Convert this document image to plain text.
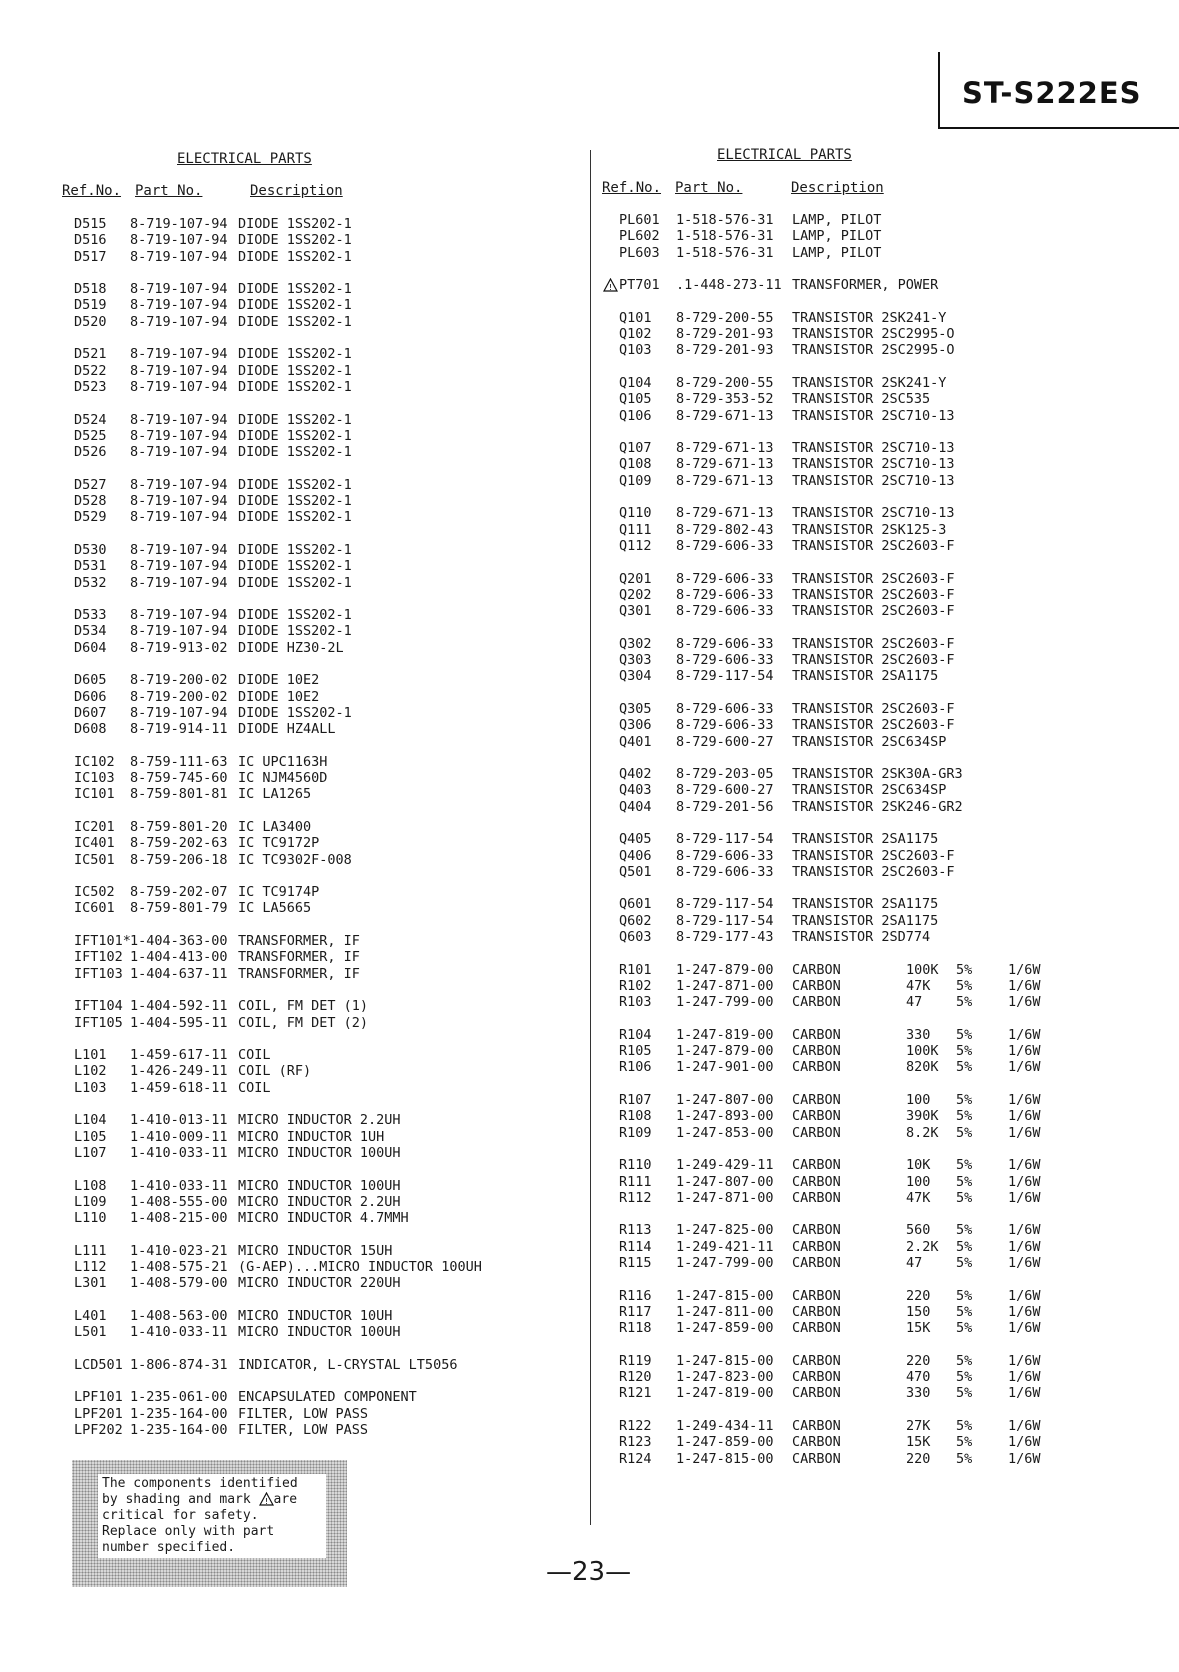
ST-S222ES
ELECTRICAL PARTS
Ref.No. Part No.	Description
D515 8-719-107-94 DIODE 1SS202-1
D516 8-719-107-94 DIODE 1SS202-1
D517 8-719-107-94 DIODE 1SS202-1
D518 8-719-107-94 DIODE 1SS202-1
D519 8-719-107-94 DIODE 1SS202-1
D520 8-719-107-94 DIODE 1SS202-1
D521 8-719-107-94 DIODE 1SS202-1
D522 8-719-107-94 DIODE 1SS202-1
D523 8-719-107-94 DIODE 1SS202-1
D524 8-719-107-94 DIODE 1SS202-1
D525 8-719-107-94 DIODE 1SS202-1
D526 8-719-107-94 DIODE 1SS202-1
D527 8-719-107-94 DIODE 1SS202-1
D528 8-719-107-94 DIODE 1SS202-1
D529 8-719-107-94 DIODE 1SS202-1
D530 8-719-107-94 DIODE 1SS202-1
D531 8-719-107-94 DIODE 1SS202-1
D532 8-719-107-94 DIODE 1SS202-1
D533 8-719-107-94 DIODE 1SS202-1
D534 8-719-107-94 DIODE 1SS202-1
D604 8-719-913-02 DIODE HZ30-2L
D605 8-719-200-02 DIODE 10E2
D606 8-719-200-02 DIODE 10E2
D607 8-719-107-94 DIODE 1SS202-1
D608 8-719-914-11 DIODE HZ4ALL
IC102 8-759-111-63 IC UPC1163H
IC103 8-759-745-60 IC NJM4560D
IC101 8-759-801-81 IC LA1265
IC201 8-759-801-20 IC LA3400
IC401 8-759-202-63 IC TC9172P
IC501 8-759-206-18 IC TC9302F-008
IC502 8-759-202-07 IC TC9174P
IC601 8-759-801-79 IC LA5665
IFT101* 1-404-363-00 TRANSFORMER, IF
IFT102 1-404-413-00 TRANSFORMER, IF
IFT103 1-404-637-11 TRANSFORMER, IF
IFT104 1-404-592-11 COIL, FM DET (1)
IFT105 1-404-595-11 COIL, FM DET (2)
L101 1-459-617-11 COIL
L102 1-426-249-11 COIL (RF)
L103 1-459-618-11 COIL
L104 1-410-013-11 MICRO INDUCTOR 2.2UH
L105 1-410-009-11 MICRO INDUCTOR 1UH
L107 1-410-033-11 MICRO INDUCTOR 100UH
L108 1-410-033-11 MICRO INDUCTOR 100UH
L109 1-408-555-00 MICRO INDUCTOR 2.2UH
L110 1-408-215-00 MICRO INDUCTOR 4.7MMH
L111 1-410-023-21 MICRO INDUCTOR 15UH
L112 1-408-575-21 (G-AEP)...MICRO INDUCTOR 100UH
L301 1-408-579-00 MICRO INDUCTOR 220UH
L401 1-408-563-00 MICRO INDUCTOR 10UH
L501 1-410-033-11 MICRO INDUCTOR 100UH
LCD501 1-806-874-31 INDICATOR, L-CRYSTAL LT5056
LPF101 1-235-061-00 ENCAPSULATED COMPONENT
LPF201 1-235-164-00 FILTER, LOW PASS
LPF202 1-235-164-00 FILTER, LOW PASS
ELECTRICAL PARTS
Ref.No. Part No.	Description
PL601 1-518-576-31 LAMP, PILOT
PL602 1-518-576-31 LAMP, PILOT
PL603 1-518-576-31 LAMP, PILOT
! PT701 .1-448-273-11 TRANSFORMER, POWER
Q101 8-729-200-55 TRANSISTOR 2SK241-Y
Q102 8-729-201-93 TRANSISTOR 2SC2995-O
Q103 8-729-201-93 TRANSISTOR 2SC2995-O
Q104 8-729-200-55 TRANSISTOR 2SK241-Y
Q105 8-729-353-52 TRANSISTOR 2SC535
Q106 8-729-671-13 TRANSISTOR 2SC710-13
Q107 8-729-671-13 TRANSISTOR 2SC710-13
Q108 8-729-671-13 TRANSISTOR 2SC710-13
Q109 8-729-671-13 TRANSISTOR 2SC710-13
Q110 8-729-671-13 TRANSISTOR 2SC710-13
Q111 8-729-802-43 TRANSISTOR 2SK125-3
Q112 8-729-606-33 TRANSISTOR 2SC2603-F
Q201 8-729-606-33 TRANSISTOR 2SC2603-F
Q202 8-729-606-33 TRANSISTOR 2SC2603-F
Q301 8-729-606-33 TRANSISTOR 2SC2603-F
Q302 8-729-606-33 TRANSISTOR 2SC2603-F
Q303 8-729-606-33 TRANSISTOR 2SC2603-F
Q304 8-729-117-54 TRANSISTOR 2SA1175
Q305 8-729-606-33 TRANSISTOR 2SC2603-F
Q306 8-729-606-33 TRANSISTOR 2SC2603-F
Q401 8-729-600-27 TRANSISTOR 2SC634SP
Q402 8-729-203-05 TRANSISTOR 2SK30A-GR3
Q403 8-729-600-27 TRANSISTOR 2SC634SP
Q404 8-729-201-56 TRANSISTOR 2SK246-GR2
Q405 8-729-117-54 TRANSISTOR 2SA1175
Q406 8-729-606-33 TRANSISTOR 2SC2603-F
Q501 8-729-606-33 TRANSISTOR 2SC2603-F
Q601 8-729-117-54 TRANSISTOR 2SA1175
Q602 8-729-117-54 TRANSISTOR 2SA1175
Q603 8-729-177-43 TRANSISTOR 2SD774
R101 1-247-879-00 CARBON	100K 5%	1/6W
R102 1-247-871-00 CARBON	47K 5%	1/6W
R103 1-247-799-00 CARBON	47 5%	1/6W
R104 1-247-819-00 CARBON	330 5%	1/6W
R105 1-247-879-00 CARBON	100K 5%	1/6W
R106 1-247-901-00 CARBON	820K 5%	1/6W
R107 1-247-807-00 CARBON	100 5%	1/6W
R108 1-247-893-00 CARBON	390K 5%	1/6W
R109 1-247-853-00 CARBON	8.2K 5%	1/6W
R110 1-249-429-11 CARBON	10K 5%	1/6W
R111 1-247-807-00 CARBON	100 5%	1/6W
R112 1-247-871-00 CARBON	47K 5%	1/6W
R113 1-247-825-00 CARBON	560 5%	1/6W
R114 1-249-421-11 CARBON	2.2K 5%	1/6W
R115 1-247-799-00 CARBON	47 5%	1/6W
R116 1-247-815-00 CARBON	220 5%	1/6W
R117 1-247-811-00 CARBON	150 5%	1/6W
R118 1-247-859-00 CARBON	15K 5%	1/6W
R119 1-247-815-00 CARBON	220 5%	1/6W
R120 1-247-823-00 CARBON	470 5%	1/6W
R121 1-247-819-00 CARBON	330 5%	1/6W
R122 1-249-434-11 CARBON	27K 5%	1/6W
R123 1-247-859-00 CARBON	15K 5%	1/6W
R124 1-247-815-00 CARBON	220 5%	1/6W
The components identified
by shading and mark ! are
critical for safety.
Replace only with part
number specified.
—23—
